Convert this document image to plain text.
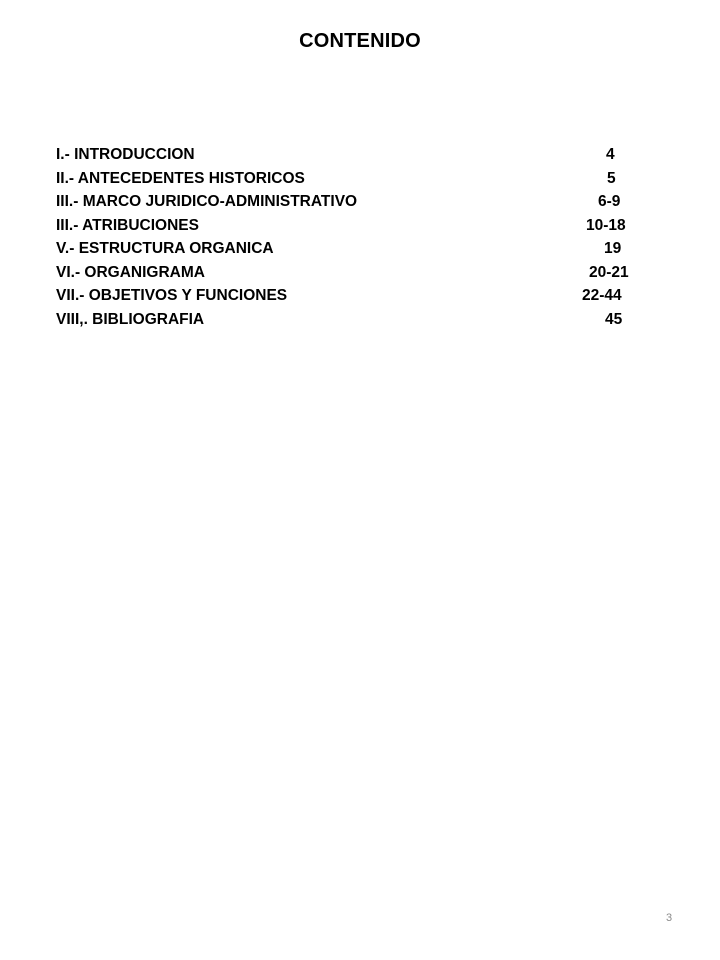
CONTENIDO
I.- INTRODUCCION	4
II.- ANTECEDENTES HISTORICOS	5
III.- MARCO JURIDICO-ADMINISTRATIVO	6-9
III.- ATRIBUCIONES	10-18
V.- ESTRUCTURA ORGANICA	19
VI.- ORGANIGRAMA	20-21
VII.- OBJETIVOS Y FUNCIONES	22-44
VIII,. BIBLIOGRAFIA	45
3
